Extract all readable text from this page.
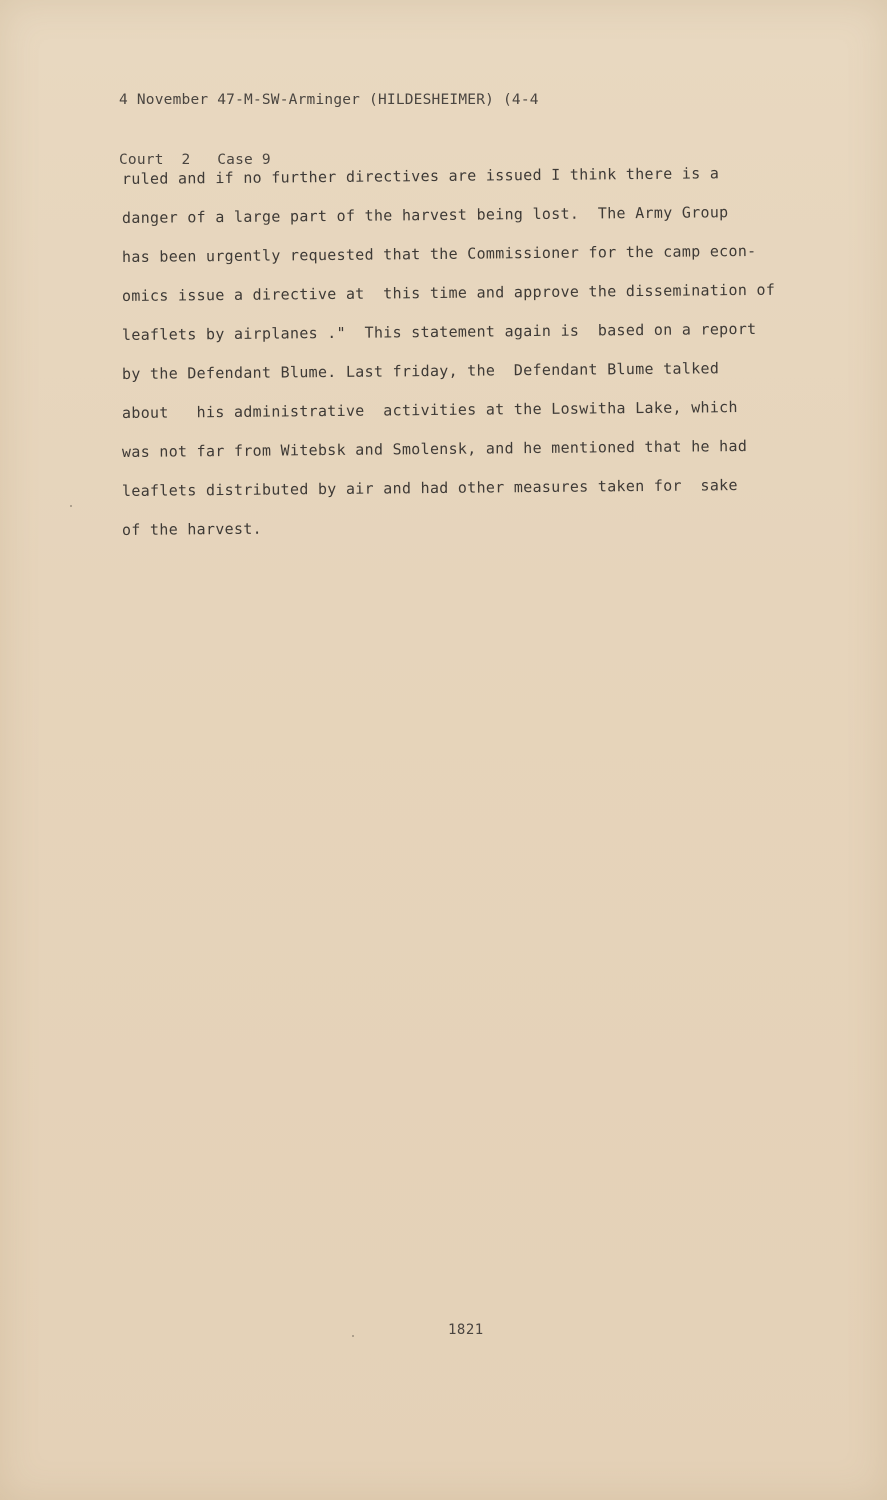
4 November 47-M-SW-Arminger (HILDESHEIMER) (4-4

Court  2   Case 9

ruled and if no further directives are issued I think there is a
danger of a large part of the harvest being lost.  The Army Group
has been urgently requested that the Commissioner for the camp econ-
omics issue a directive at  this time and approve the dissemination of
leaflets by airplanes ."  This statement again is  based on a report
by the Defendant Blume. Last friday, the  Defendant Blume talked
about   his administrative  activities at the Loswitha Lake, which
was not far from Witebsk and Smolensk, and he mentioned that he had
leaflets distributed by air and had other measures taken for  sake
of the harvest.
1821
